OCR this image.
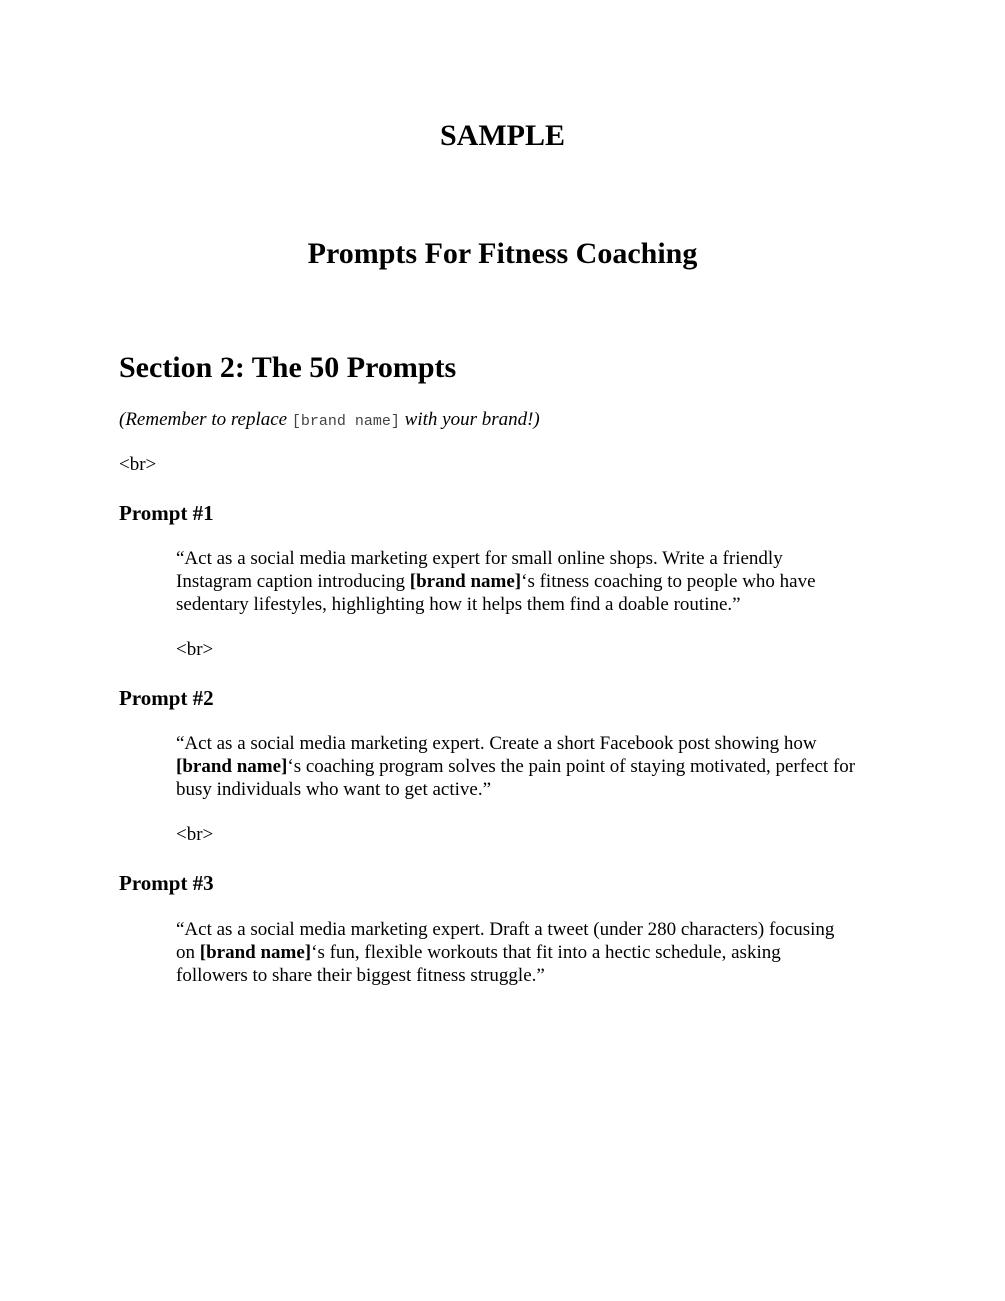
SAMPLE
Prompts For Fitness Coaching
Section 2: The 50 Prompts

(Remember to replace [brand name] with your brand!)

<br>
Prompt #1
“Act as a social media marketing expert for small online shops. Write a friendly
Instagram caption introducing [brand name]‘s fitness coaching to people who have
sedentary lifestyles, highlighting how it helps them find a doable routine.”
<br>
Prompt #2
“Act as a social media marketing expert. Create a short Facebook post showing how
[brand name]‘s coaching program solves the pain point of staying motivated, perfect for
busy individuals who want to get active.”
<br>
Prompt #3
“Act as a social media marketing expert. Draft a tweet (under 280 characters) focusing
on [brand name]‘s fun, flexible workouts that fit into a hectic schedule, asking
followers to share their biggest fitness struggle.”
